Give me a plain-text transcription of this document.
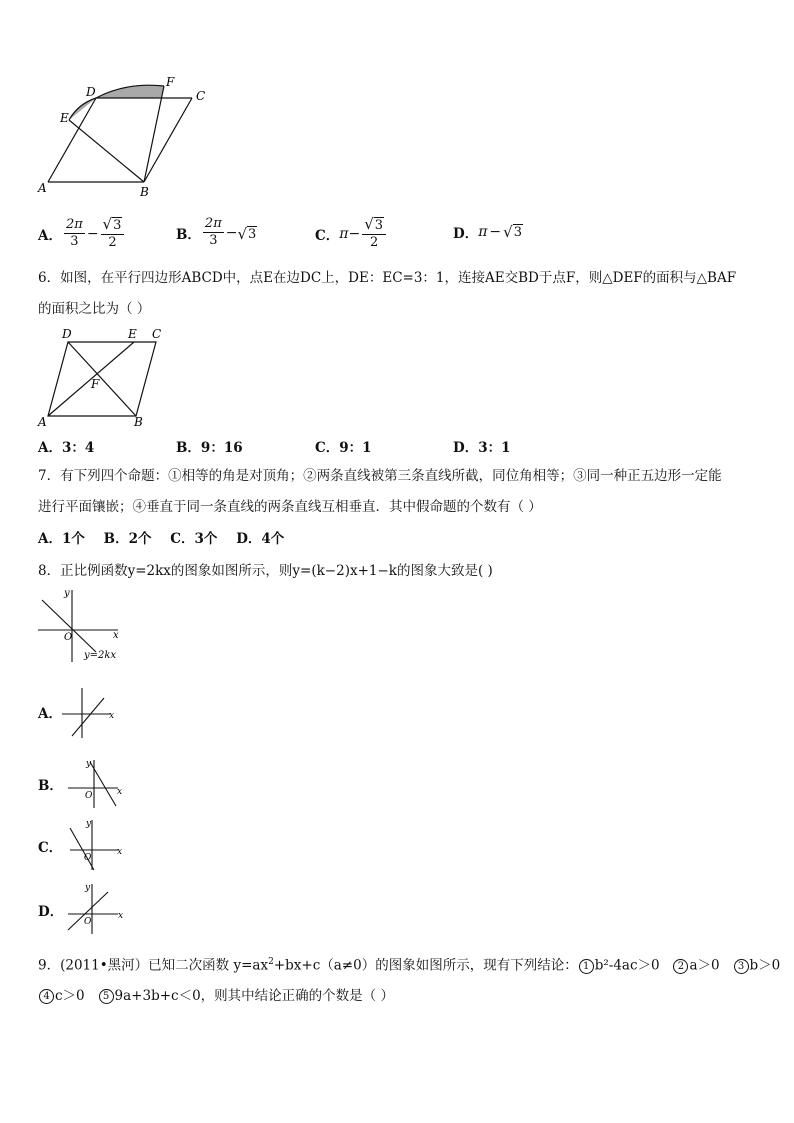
D
F
C
E
A	B
A． $\frac{2\pi}{3} - \frac{√ 3}{2}$	B． $\frac{2\pi}{3}$ − √ 3	C． $\pi - \frac{√ 3}{2}$	D． π − √ 3
6．如图，在平行四边形ABCD中，点E在边DC上，DE：EC=3：1，连接AE交BD于点F，则△DEF的面积与△BAF
的面积之比为（ ）
D	E C
F
A	B
A．3：4	B．9：16	C．9：1	D．3：1
7．有下列四个命题：①相等的角是对顶角；②两条直线被第三条直线所截，同位角相等；③同一种正五边形一定能
进行平面镶嵌；④垂直于同一条直线的两条直线互相垂直．其中假命题的个数有（ ）
A．1个    B．2个    C．3个    D．4个
8．正比例函数y=2kx的图象如图所示，则y=(k−2)x+1−k的图象大致是( )
y
x
O
y=2kx
A．	x
B．
y
O	x
C．
y
O
x
D．
y
O
x
9．(2011•黑河）已知二次函数 $y=ax^2+bx+c(a\ne 0)$的图象如图所示，现有下列结论： 1 b²-4ac＞0 2 a＞0 3 b＞0
4 c＞0 5 9a+3b+c＜0，则其中结论正确的个数是（ ）
